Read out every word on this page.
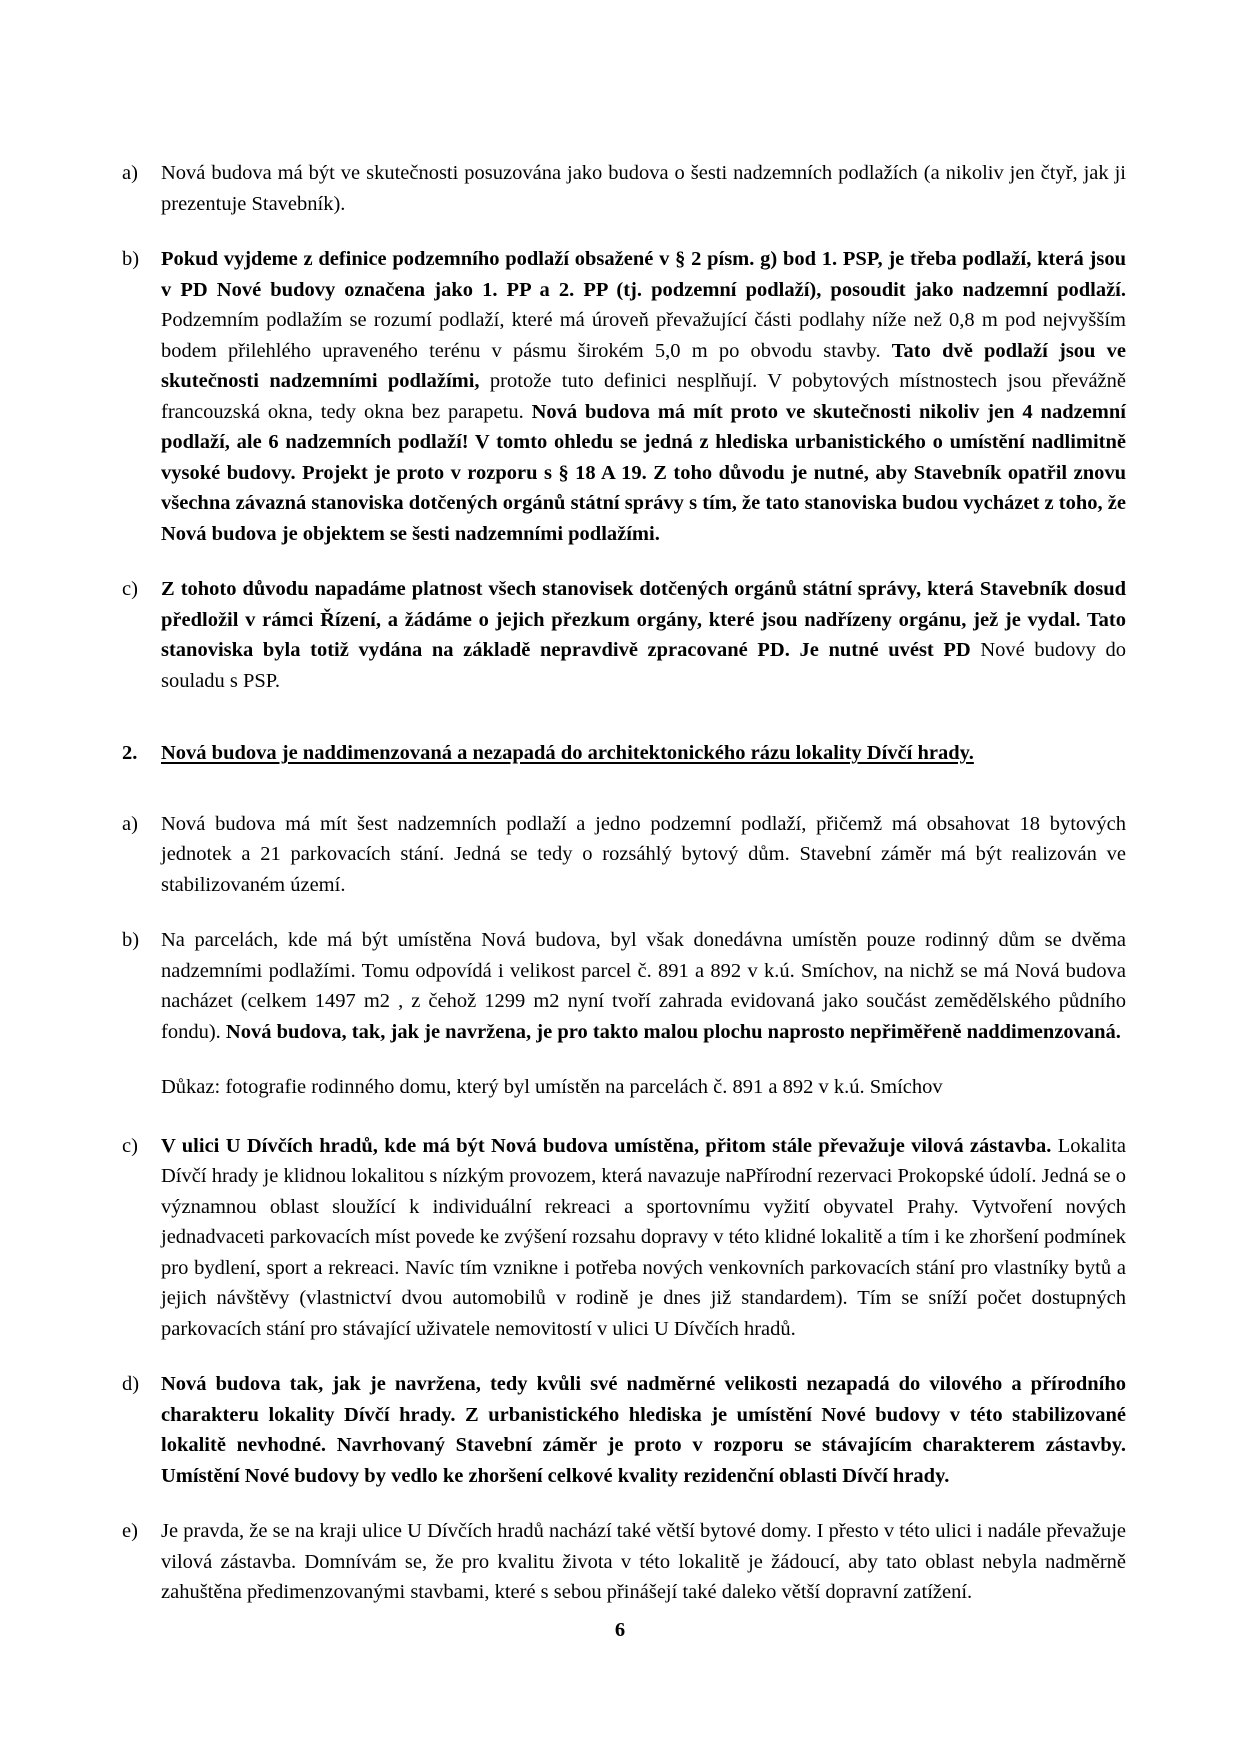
a)	Nová budova má být ve skutečnosti posuzována jako budova o šesti nadzemních podlažích (a nikoliv jen čtyř, jak ji prezentuje Stavebník).
b)	Pokud vyjdeme z definice podzemního podlaží obsažené v § 2 písm. g) bod 1. PSP, je třeba podlaží, která jsou v PD Nové budovy označena jako 1. PP a 2. PP (tj. podzemní podlaží), posoudit jako nadzemní podlaží. Podzemním podlažím se rozumí podlaží, které má úroveň převažující části podlahy níže než 0,8 m pod nejvyšším bodem přilehlého upraveného terénu v pásmu širokém 5,0 m po obvodu stavby. Tato dvě podlaží jsou ve skutečnosti nadzemními podlažími, protože tuto definici nesplňují. V pobytových místnostech jsou převážně francouzská okna, tedy okna bez parapetu. Nová budova má mít proto ve skutečnosti nikoliv jen 4 nadzemní podlaží, ale 6 nadzemních podlaží! V tomto ohledu se jedná z hlediska urbanistického o umístění nadlimitně vysoké budovy. Projekt je proto v rozporu s § 18 A 19. Z toho důvodu je nutné, aby Stavebník opatřil znovu všechna závazná stanoviska dotčených orgánů státní správy s tím, že tato stanoviska budou vycházet z toho, že Nová budova je objektem se šesti nadzemními podlažími.
c)	Z tohoto důvodu napadáme platnost všech stanovisek dotčených orgánů státní správy, která Stavebník dosud předložil v rámci Řízení, a žádáme o jejich přezkum orgány, které jsou nadřízeny orgánu, jež je vydal. Tato stanoviska byla totiž vydána na základě nepravdivě zpracované PD. Je nutné uvést PD Nové budovy do souladu s PSP.
2.	Nová budova je naddimenzovaná a nezapadá do architektonického rázu lokality Dívčí hrady.
a)	Nová budova má mít šest nadzemních podlaží a jedno podzemní podlaží, přičemž má obsahovat 18 bytových jednotek a 21 parkovacích stání. Jedná se tedy o rozsáhlý bytový dům. Stavební záměr má být realizován ve stabilizovaném území.
b)	Na parcelách, kde má být umístěna Nová budova, byl však donedávna umístěn pouze rodinný dům se dvěma nadzemními podlažími. Tomu odpovídá i velikost parcel č. 891 a 892 v k.ú. Smíchov, na nichž se má Nová budova nacházet (celkem 1497 m2 , z čehož 1299 m2 nyní tvoří zahrada evidovaná jako součást zemědělského půdního fondu). Nová budova, tak, jak je navržena, je pro takto malou plochu naprosto nepřiměřeně naddimenzovaná.
Důkaz: fotografie rodinného domu, který byl umístěn na parcelách č. 891 a 892 v k.ú. Smíchov
c)	V ulici U Dívčích hradů, kde má být Nová budova umístěna, přitom stále převažuje vilová zástavba. Lokalita Dívčí hrady je klidnou lokalitou s nízkým provozem, která navazuje naPřírodní rezervaci Prokopské údolí. Jedná se o významnou oblast sloužící k individuální rekreaci a sportovnímu vyžití obyvatel Prahy. Vytvoření nových jednadvaceti parkovacích míst povede ke zvýšení rozsahu dopravy v této klidné lokalitě a tím i ke zhoršení podmínek pro bydlení, sport a rekreaci. Navíc tím vznikne i potřeba nových venkovních parkovacích stání pro vlastníky bytů a jejich návštěvy (vlastnictví dvou automobilů v rodině je dnes již standardem). Tím se sníží počet dostupných parkovacích stání pro stávající uživatele nemovitostí v ulici U Dívčích hradů.
d)	Nová budova tak, jak je navržena, tedy kvůli své nadměrné velikosti nezapadá do vilového a přírodního charakteru lokality Dívčí hrady. Z urbanistického hlediska je umístění Nové budovy v této stabilizované lokalitě nevhodné. Navrhovaný Stavební záměr je proto v rozporu se stávajícím charakterem zástavby. Umístění Nové budovy by vedlo ke zhoršení celkové kvality rezidenční oblasti Dívčí hrady.
e)	Je pravda, že se na kraji ulice U Dívčích hradů nachází také větší bytové domy. I přesto v této ulici i nadále převažuje vilová zástavba. Domnívám se, že pro kvalitu života v této lokalitě je žádoucí, aby tato oblast nebyla nadměrně zahuštěna předimenzovanými stavbami, které s sebou přinášejí také daleko větší dopravní zatížení.
6
